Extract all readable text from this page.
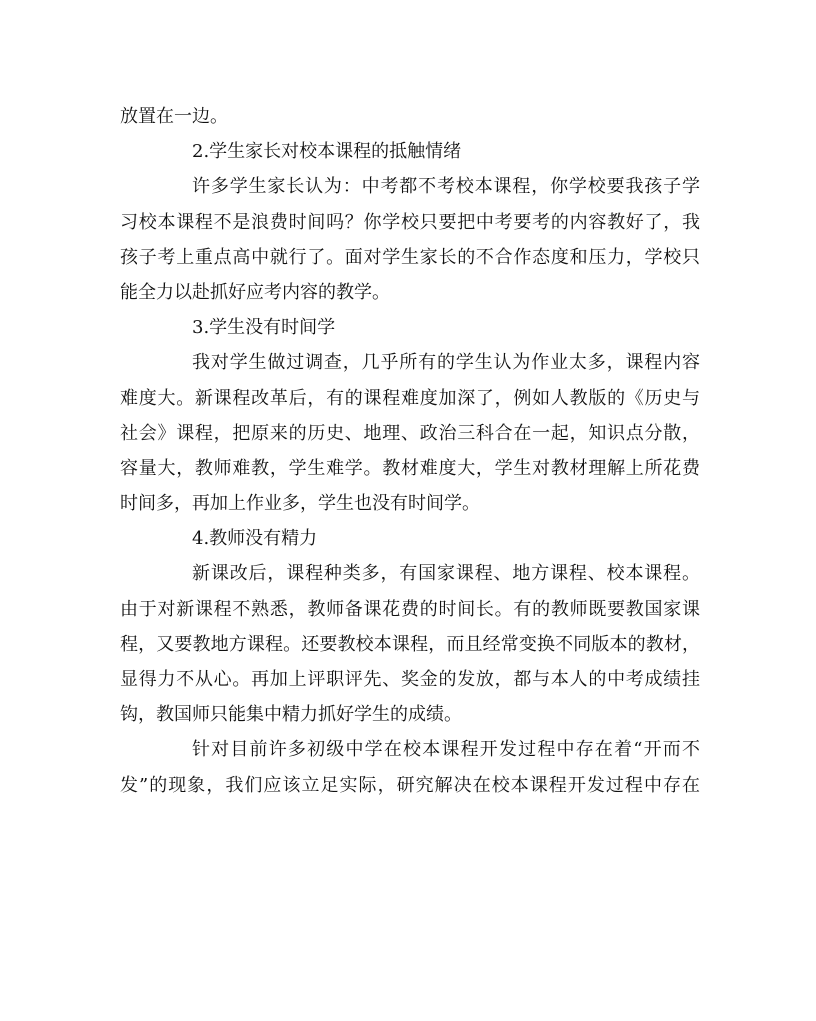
放置在一边。

2.学生家长对校本课程的抵触情绪

许多学生家长认为：中考都不考校本课程，你学校要我孩子学
习校本课程不是浪费时间吗？你学校只要把中考要考的内容教好了，我
孩子考上重点高中就行了。面对学生家长的不合作态度和压力，学校只
能全力以赴抓好应考内容的教学。

3.学生没有时间学

我对学生做过调查，几乎所有的学生认为作业太多，课程内容
难度大。新课程改革后，有的课程难度加深了，例如人教版的《历史与
社会》课程，把原来的历史、地理、政治三科合在一起，知识点分散，
容量大，教师难教，学生难学。教材难度大，学生对教材理解上所花费
时间多，再加上作业多，学生也没有时间学。

4.教师没有精力

新课改后，课程种类多，有国家课程、地方课程、校本课程。
由于对新课程不熟悉，教师备课花费的时间长。有的教师既要教国家课
程，又要教地方课程。还要教校本课程，而且经常变换不同版本的教材，
显得力不从心。再加上评职评先、奖金的发放，都与本人的中考成绩挂
钩，教国师只能集中精力抓好学生的成绩。

针对目前许多初级中学在校本课程开发过程中存在着“开而不
发”的现象，我们应该立足实际，研究解决在校本课程开发过程中存在
